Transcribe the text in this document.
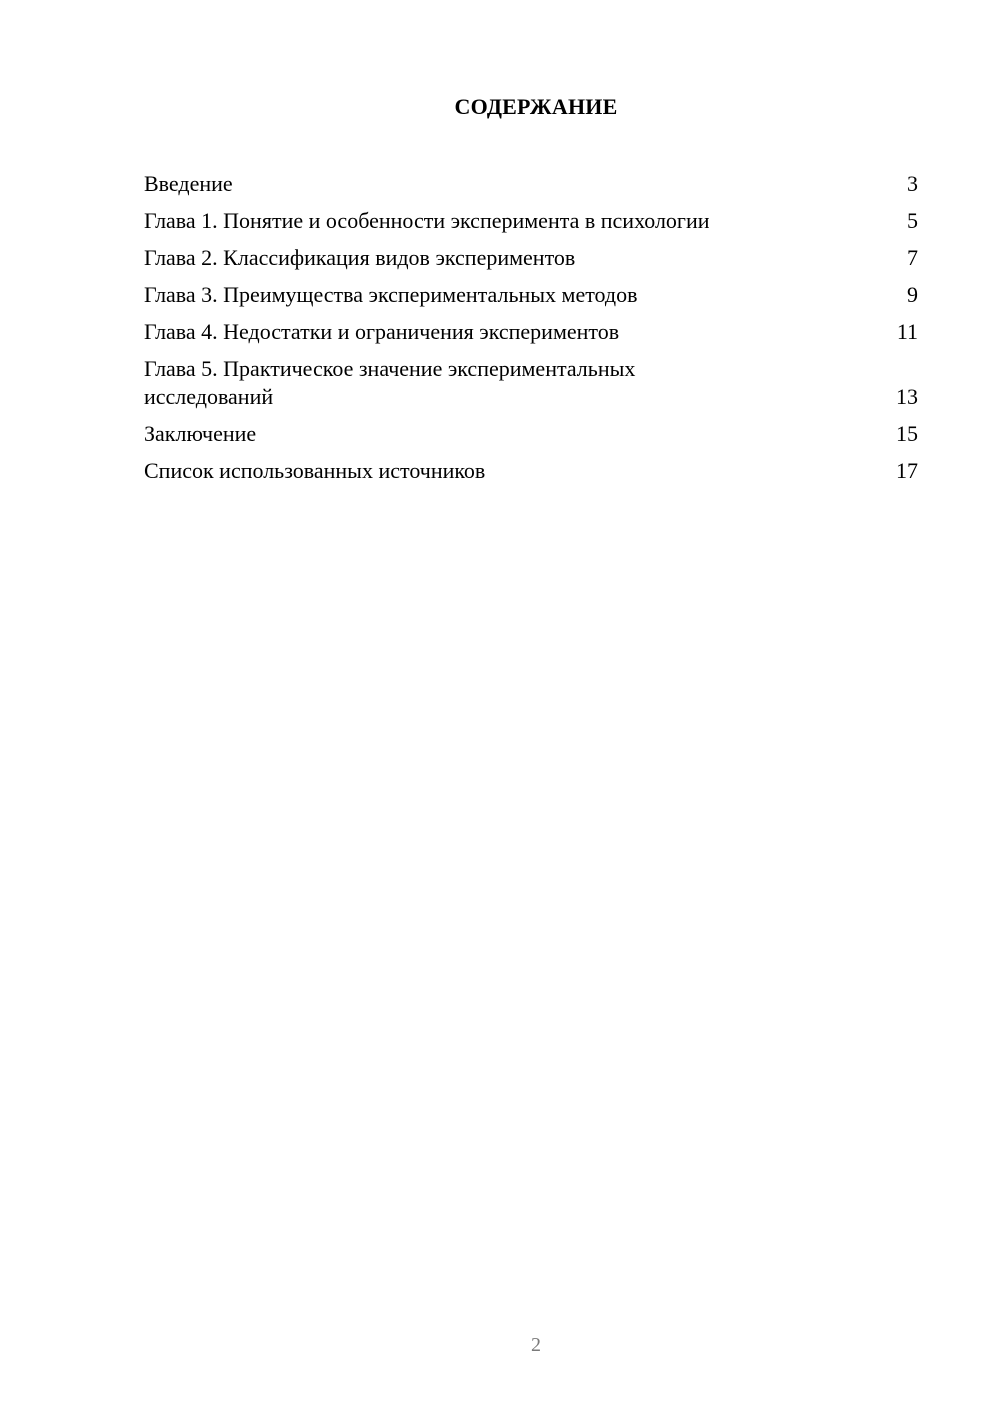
СОДЕРЖАНИЕ
Введение	3
Глава 1. Понятие и особенности эксперимента в психологии	5
Глава 2. Классификация видов экспериментов	7
Глава 3. Преимущества экспериментальных методов	9
Глава 4. Недостатки и ограничения экспериментов	11
Глава 5. Практическое значение экспериментальных исследований	13
Заключение	15
Список использованных источников	17
2
